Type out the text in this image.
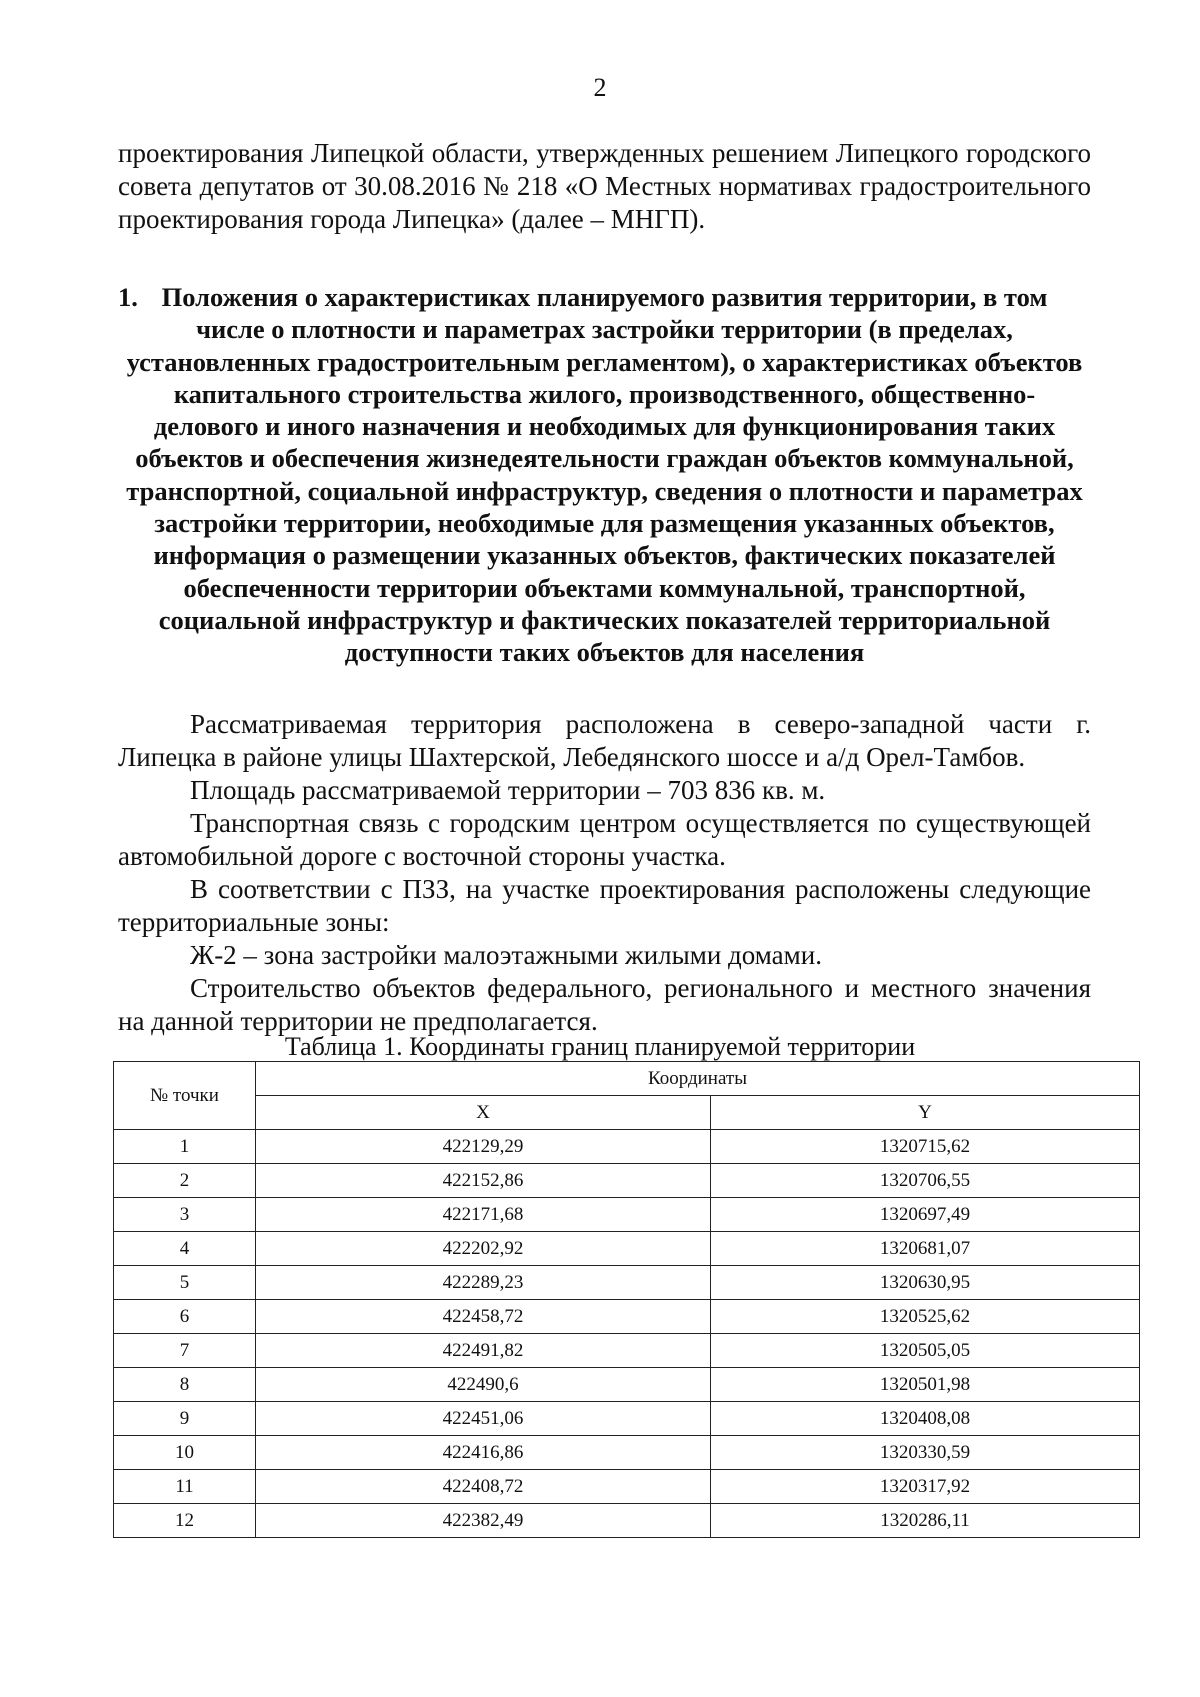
2

проектирования Липецкой области, утвержденных решением Липецкого городского совета депутатов от 30.08.2016 № 218 «О Местных нормативах градостроительного проектирования города Липецка» (далее – МНГП).

1. Положения о характеристиках планируемого развития территории, в том
числе о плотности и параметрах застройки территории (в пределах,
установленных градостроительным регламентом), о характеристиках объектов
капитального строительства жилого, производственного, общественно-
делового и иного назначения и необходимых для функционирования таких
объектов и обеспечения жизнедеятельности граждан объектов коммунальной,
транспортной, социальной инфраструктур, сведения о плотности и параметрах
застройки территории, необходимые для размещения указанных объектов,
информация о размещении указанных объектов, фактических показателей
обеспеченности территории объектами коммунальной, транспортной,
социальной инфраструктур и фактических показателей территориальной
доступности таких объектов для населения

Рассматриваемая территория расположена в северо-западной части г. Липецка в районе улицы Шахтерской, Лебедянского шоссе и а/д Орел-Тамбов.

Площадь рассматриваемой территории – 703 836 кв. м.

Транспортная связь с городским центром осуществляется по существующей автомобильной дороге с восточной стороны участка.

В соответствии с ПЗЗ, на участке проектирования расположены следующие территориальные зоны:

Ж-2 – зона застройки малоэтажными жилыми домами.

Строительство объектов федерального, регионального и местного значения на данной территории не предполагается.

Таблица 1. Координаты границ планируемой территории
№ точки	Координаты	
	X	Y
1	422129,29	1320715,62
2	422152,86	1320706,55
3	422171,68	1320697,49
4	422202,92	1320681,07
5	422289,23	1320630,95
6	422458,72	1320525,62
7	422491,82	1320505,05
8	422490,6	1320501,98
9	422451,06	1320408,08
10	422416,86	1320330,59
11	422408,72	1320317,92
12	422382,49	1320286,11
